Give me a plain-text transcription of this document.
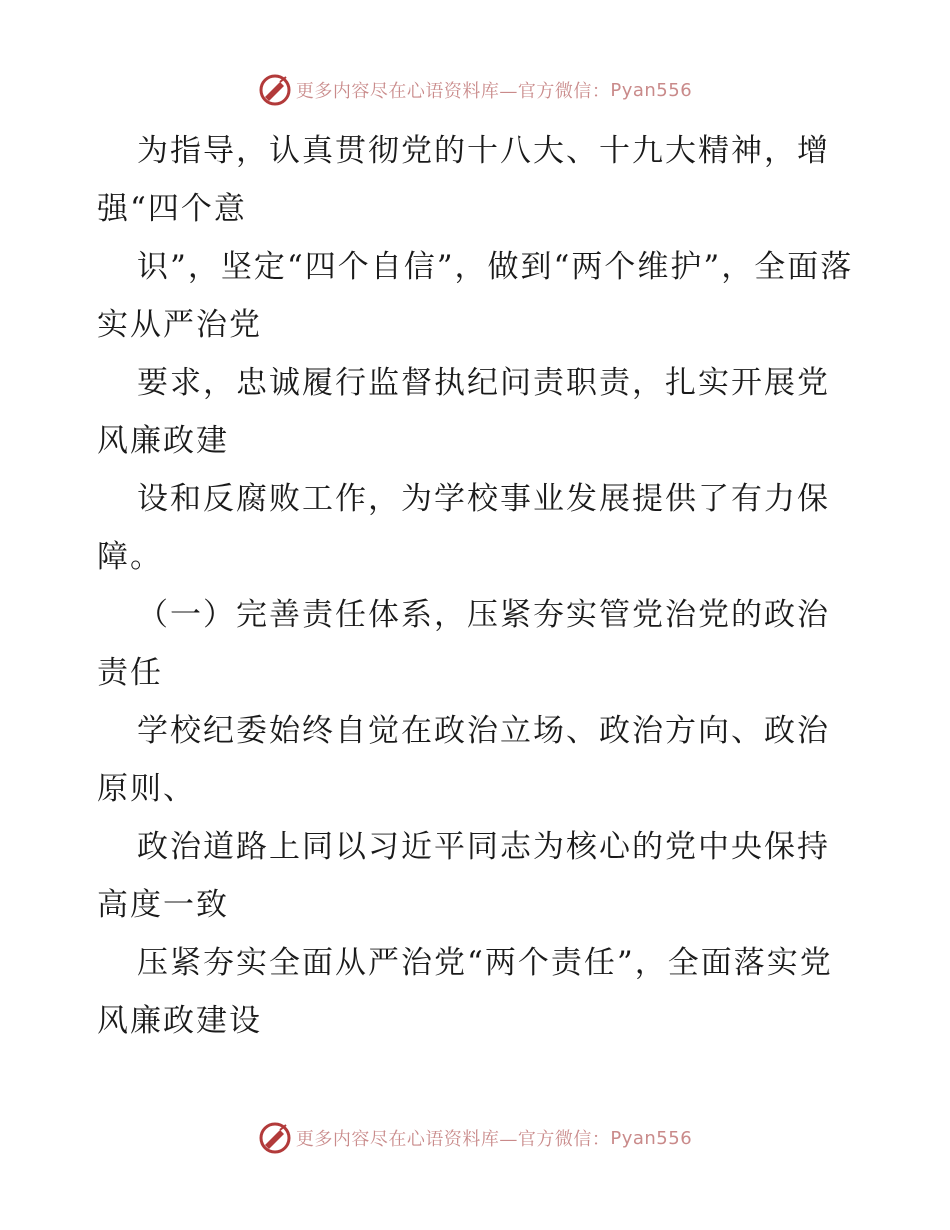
更多内容尽在心语资料库—官方微信： Pyan556

为指导，认真贯彻党的十八大、十九大精神，增强“四个意

识”，坚定“四个自信”，做到“两个维护”，全面落实从严治党

要求，忠诚履行监督执纪问责职责，扎实开展党风廉政建

设和反腐败工作，为学校事业发展提供了有力保障。

（一）完善责任体系，压紧夯实管党治党的政治责任

学校纪委始终自觉在政治立场、政治方向、政治原则、

政治道路上同以习近平同志为核心的党中央保持高度一致

压紧夯实全面从严治党“两个责任”，全面落实党风廉政建设

更多内容尽在心语资料库—官方微信： Pyan556
